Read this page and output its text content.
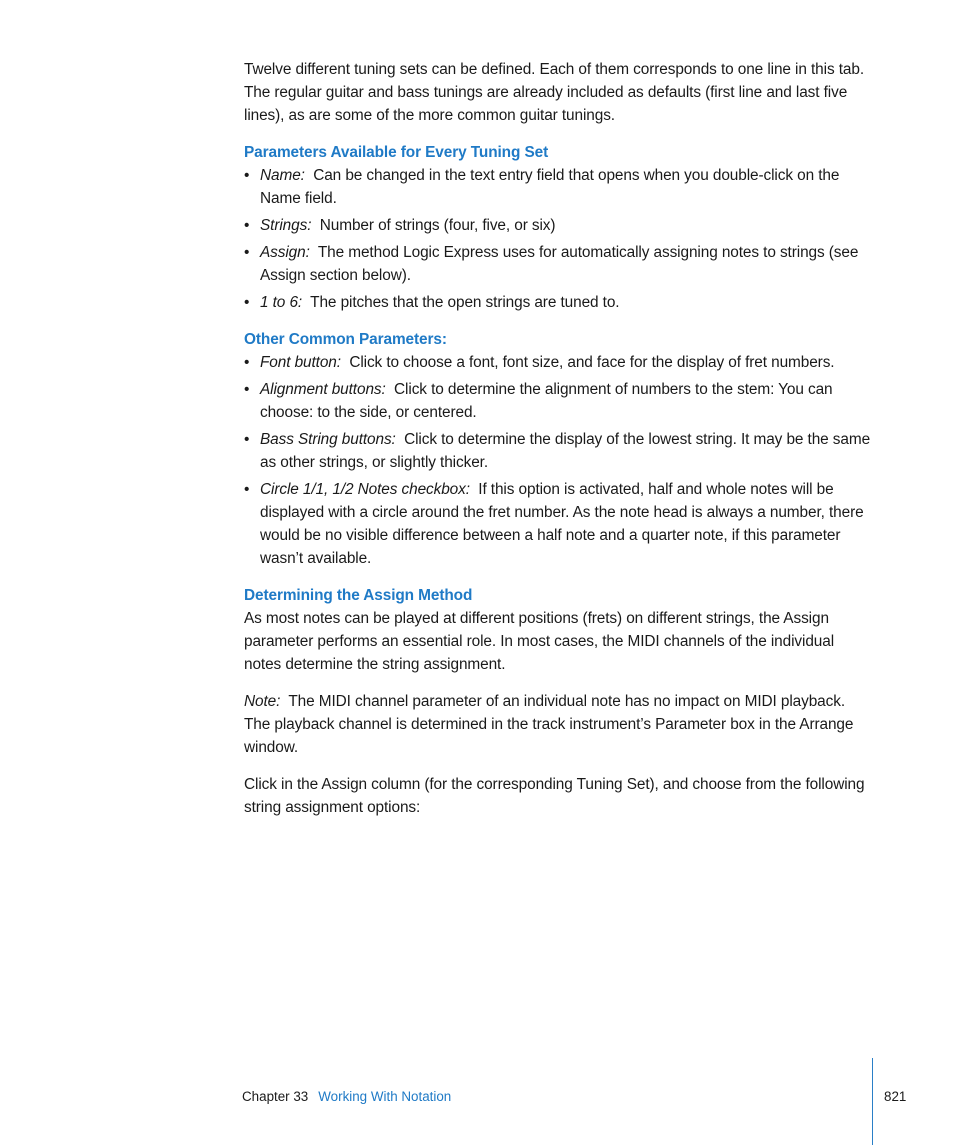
Twelve different tuning sets can be defined. Each of them corresponds to one line in this tab. The regular guitar and bass tunings are already included as defaults (first line and last five lines), as are some of the more common guitar tunings.

Parameters Available for Every Tuning Set
• Name: Can be changed in the text entry field that opens when you double-click on the Name field.
• Strings: Number of strings (four, five, or six)
• Assign: The method Logic Express uses for automatically assigning notes to strings (see Assign section below).
• 1 to 6: The pitches that the open strings are tuned to.
Other Common Parameters:
• Font button: Click to choose a font, font size, and face for the display of fret numbers.
• Alignment buttons: Click to determine the alignment of numbers to the stem: You can choose: to the side, or centered.
• Bass String buttons: Click to determine the display of the lowest string. It may be the same as other strings, or slightly thicker.
• Circle 1/1, 1/2 Notes checkbox: If this option is activated, half and whole notes will be displayed with a circle around the fret number. As the note head is always a number, there would be no visible difference between a half note and a quarter note, if this parameter wasn’t available.
Determining the Assign Method

As most notes can be played at different positions (frets) on different strings, the Assign parameter performs an essential role. In most cases, the MIDI channels of the individual notes determine the string assignment.

Note: The MIDI channel parameter of an individual note has no impact on MIDI playback. The playback channel is determined in the track instrument’s Parameter box in the Arrange window.

Click in the Assign column (for the corresponding Tuning Set), and choose from the following string assignment options:

Chapter 33 Working With Notation	821
